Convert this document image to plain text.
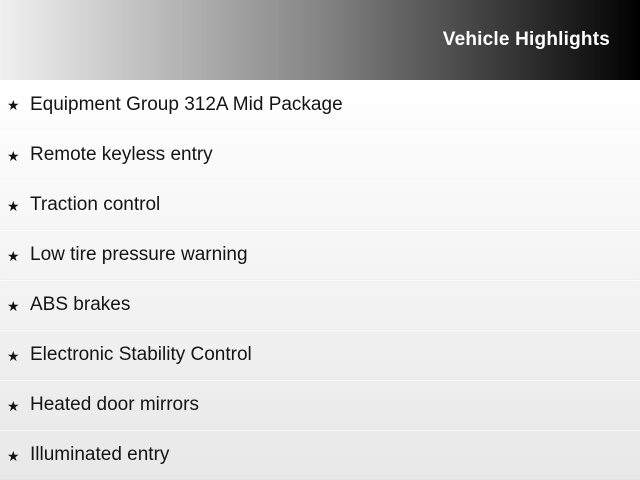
Vehicle Highlights
★ Equipment Group 312A Mid Package
★ Remote keyless entry
★ Traction control
★ Low tire pressure warning
★ ABS brakes
★ Electronic Stability Control
★ Heated door mirrors
★ Illuminated entry
